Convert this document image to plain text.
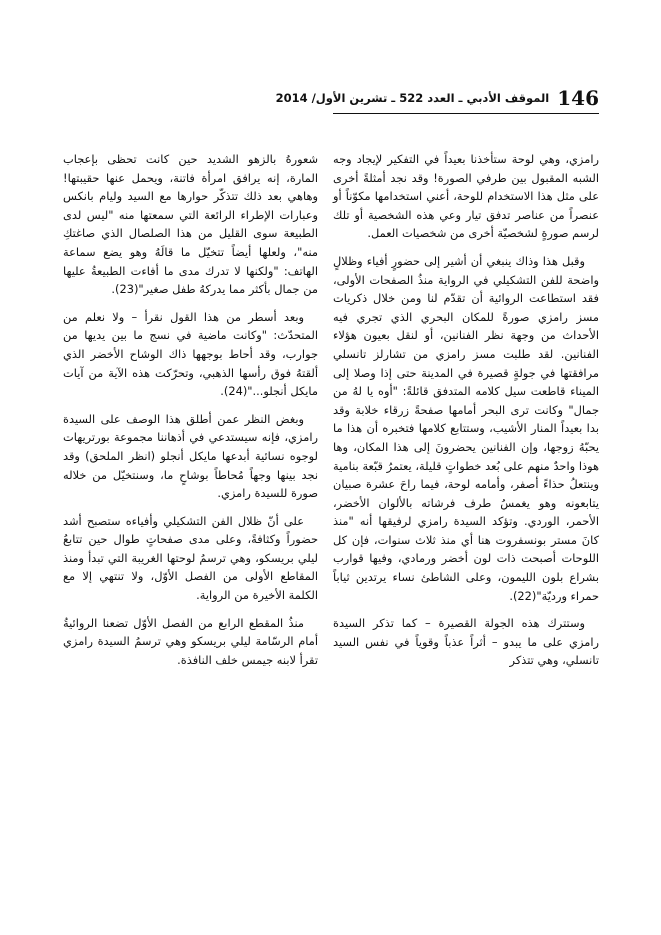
146
الموقف الأدبي ـ العدد 522 ـ تشرين الأول/ 2014

رامزي، وهي لوحة ستأخذنا بعيداً في التفكير لإيجاد وجه الشبه المقبول بين طرفي الصورة! وقد نجد أمثلةً أخرى على مثل هذا الاستخدام للوحة، أعني استخدامها مكوّناً أو عنصراً من عناصر تدفق تيار وعي هذه الشخصية أو تلك لرسم صورةٍ لشخصيّة أخرى من شخصيات العمل.

وقبل هذا وذاك ينبغي أن أشير إلى حضورٍ أفياء وظلالٍ واضحة للفن التشكيلي في الرواية منذُ الصفحات الأولى، فقد استطاعت الروائية أن تقدّم لنا ومن خلال ذكريات مسز رامزي صورةً للمكان البحري الذي تجري فيه الأحداث من وجهة نظر الفنانين، أو لنقل بعيون هؤلاء الفنانين. لقد طلبت مسز رامزي من تشارلز تانسلي مرافقتها في جولةٍ قصيرة في المدينة حتى إذا وصلا إلى الميناء قاطعت سيل كلامه المتدفق قائلةً: "أوه يا لهُ من جمال" وكانت ترى البحر أمامها صفحةً زرقاء خلابة وقد بدا بعيداً المنار الأشيب، وستتابع كلامها فتخبره أن هذا ما يحبّهُ زوجها، وإن الفنانين يحضرونَ إلى هذا المكان، وها هوذا واحدٌ منهم على بُعد خطواتٍ قليلة، يعتمرُ قبّعة بنامية وينتعلُ حذاءً أصفر، وأمامه لوحة، فيما راحَ عشرة صبيان يتابعونه وهو يغمسُ طرف فرشاته بالألوان الأخضر، الأحمر، الوردي. وتؤكد السيدة رامزي لرفيقها أنه "منذ كانَ مستر بونسفروت هنا أي منذ ثلاث سنوات، فإن كل اللوحات أصبحت ذات لون أخضر ورمادي، وفيها قوارب بشراع بلون الليمون، وعلى الشاطئ نساء يرتدين ثياباً حمراء ورديّة"(22).

وستترك هذه الجولة القصيرة – كما تذكر السيدة رامزي على ما يبدو – أثراً عذباً وقوياً في نفس السيد تانسلي، وهي تتذكر

شعورهُ بالزهو الشديد حين كانت تحظى بإعجاب المارة، إنه يرافق امرأة فاتنة، ويحمل عنها حقيبتها! وهاهي بعد ذلك تتذكّر حوارها مع السيد وليام بانكس وعبارات الإطراء الرائعة التي سمعتها منه "ليس لدى الطبيعة سوى القليل من هذا الصلصال الذي صاغتكِ منه"، ولعلها أيضاً تتخيّل ما قالَهُ وهو يضع سماعة الهاتف: "ولكنها لا تدرك مدى ما أفاءت الطبيعةُ عليها من جمال بأكثر مما يدركهُ طفل صغير"(23).

وبعد أسطر من هذا القول نقرأ – ولا نعلم من المتحدّث: "وكانت ماضية في نسج ما بين يديها من جوارب، وقد أحاط بوجهها ذاك الوشاح الأخضر الذي ألقتهُ فوق رأسها الذهبي، وتحرّكت هذه الآية من آيات مايكل أنجلو..."(24).

وبغض النظر عمن أطلق هذا الوصف على السيدة رامزي، فإنه سيستدعي في أذهاننا مجموعة بورتريهات لوجوه نسائية أبدعها مايكل أنجلو (انظر الملحق) وقد نجد بينها وجهاً مُحاطاً بوشاحٍ ما، وسنتخيّل من خلاله صورة للسيدة رامزي.

على أنّ ظلال الفن التشكيلي وأفياءه ستصبح أشد حضوراً وكثافةً، وعلى مدى صفحاتٍ طوال حين تتابعُ ليلي بريسكو، وهي ترسمُ لوحتها الغريبة التي تبدأ ومنذ المقاطع الأولى من الفصل الأوّل، ولا تنتهي إلا مع الكلمة الأخيرة من الرواية.

منذُ المقطع الرابع من الفصل الأوّل تضعنا الروائيةُ أمام الرسّامة ليلي بريسكو وهي ترسمُ السيدة رامزي تقرأ لابنه جيمس خلف النافذة.
